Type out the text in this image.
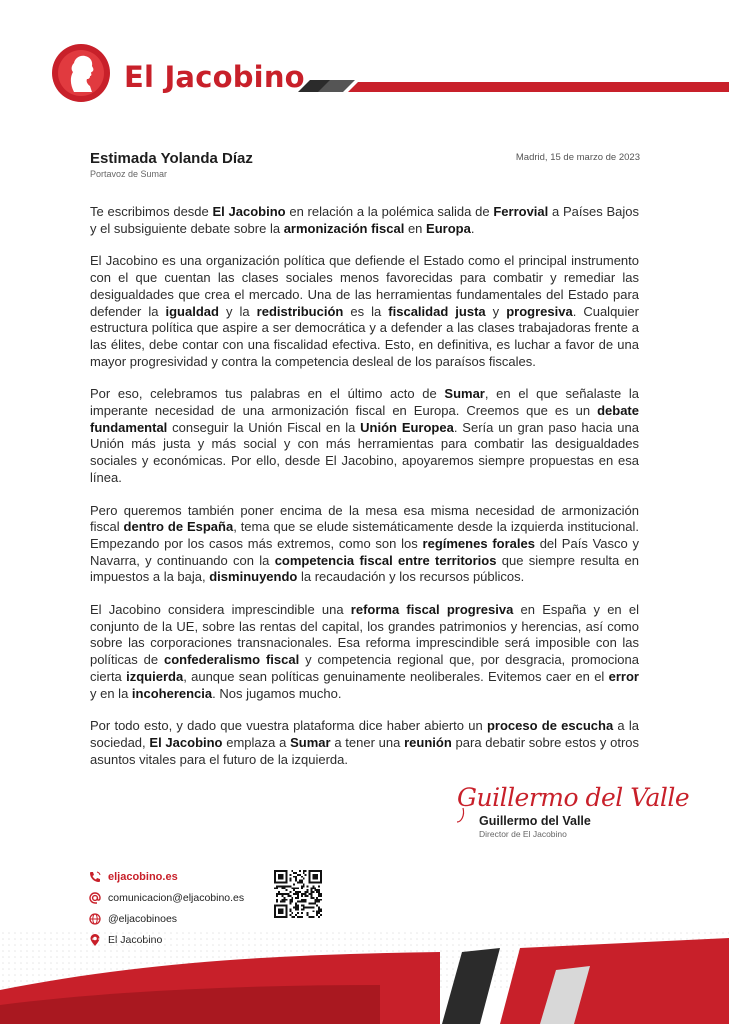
El Jacobino
Estimada Yolanda Díaz
Portavoz de Sumar
Madrid, 15 de marzo de 2023

Te escribimos desde El Jacobino en relación a la polémica salida de Ferrovial a Países Bajos y el subsiguiente debate sobre la armonización fiscal en Europa.

El Jacobino es una organización política que defiende el Estado como el principal instrumento con el que cuentan las clases sociales menos favorecidas para combatir y remediar las desigualdades que crea el mercado. Una de las herramientas fundamentales del Estado para defender la igualdad y la redistribución es la fiscalidad justa y progresiva. Cualquier estructura política que aspire a ser democrática y a defender a las clases trabajadoras frente a las élites, debe contar con una fiscalidad efectiva. Esto, en definitiva, es luchar a favor de una mayor progresividad y contra la competencia desleal de los paraísos fiscales.

Por eso, celebramos tus palabras en el último acto de Sumar, en el que señalaste la imperante necesidad de una armonización fiscal en Europa. Creemos que es un debate fundamental conseguir la Unión Fiscal en la Unión Europea. Sería un gran paso hacia una Unión más justa y más social y con más herramientas para combatir las desigualdades sociales y económicas. Por ello, desde El Jacobino, apoyaremos siempre propuestas en esa línea.

Pero queremos también poner encima de la mesa esa misma necesidad de armonización fiscal dentro de España, tema que se elude sistemáticamente desde la izquierda institucional. Empezando por los casos más extremos, como son los regímenes forales del País Vasco y Navarra, y continuando con la competencia fiscal entre territorios que siempre resulta en impuestos a la baja, disminuyendo la recaudación y los recursos públicos.

El Jacobino considera imprescindible una reforma fiscal progresiva en España y en el conjunto de la UE, sobre las rentas del capital, los grandes patrimonios y herencias, así como sobre las corporaciones transnacionales. Esa reforma imprescindible será imposible con las políticas de confederalismo fiscal y competencia regional que, por desgracia, promociona cierta izquierda, aunque sean políticas genuinamente neoliberales. Evitemos caer en el error y en la incoherencia. Nos jugamos mucho.

Por todo esto, y dado que vuestra plataforma dice haber abierto un proceso de escucha a la sociedad, El Jacobino emplaza a Sumar a tener una reunión para debatir sobre estos y otros asuntos vitales para el futuro de la izquierda.

Guillermo del Valle
Guillermo del Valle
Director de El Jacobino
eljacobino.es
comunicacion@eljacobino.es
@eljacobinoes
